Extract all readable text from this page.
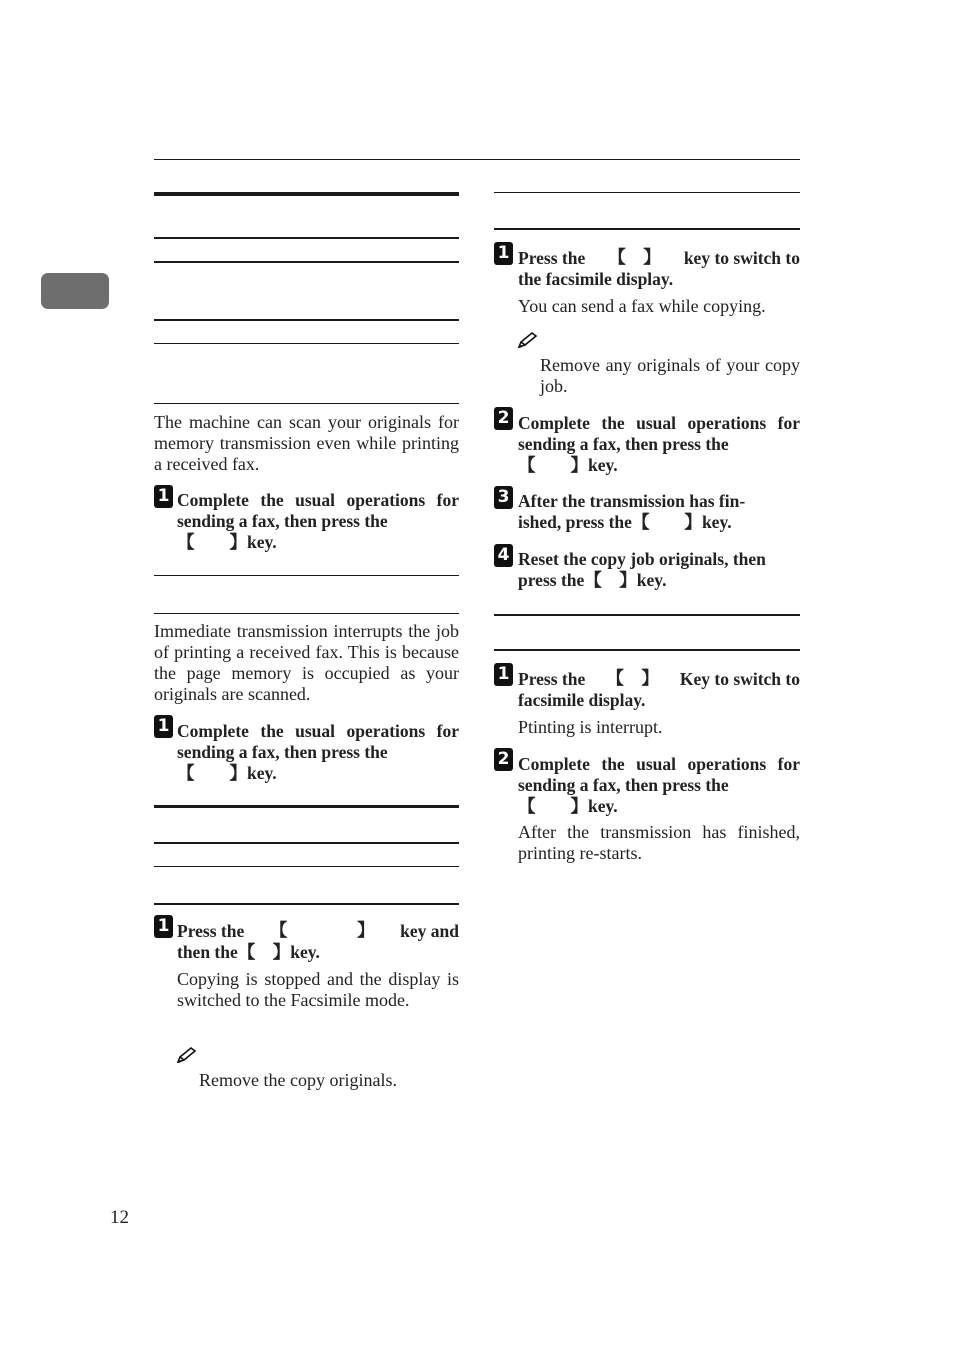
The machine can scan your originals for memory transmission even while printing a received fax.
1 Complete the usual operations for sending a fax, then press the
【　　】key.
Immediate transmission interrupts the job of printing a received fax. This is because the page memory is occupied as your originals are scanned.
1 Complete the usual operations for sending a fax, then press the
【　　】key.
1 Press the 【　　　　】 key and
then the【　】key.
Copying is stopped and the display is switched to the Facsimile mode.
Remove the copy originals.
1 Press the 【　】 key to switch to
the facsimile display.
You can send a fax while copying.
Remove any originals of your copy job.
2 Complete the usual operations for sending a fax, then press the
【　　】key.
3 After the transmission has fin-
ished, press the【　　】key.
4 Reset the copy job originals, then
press the【　】key.
1 Press the 【　】 Key to switch to
facsimile display.
Ptinting is interrupt.
2 Complete the usual operations for sending a fax, then press the
【　　】key.
After the transmission has finished, printing re-starts.
12
